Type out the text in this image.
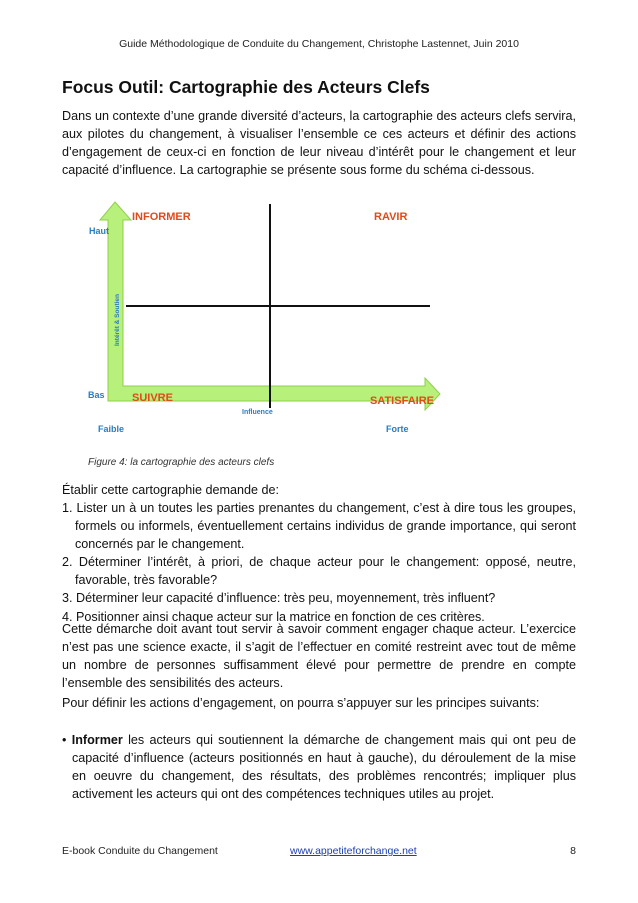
Guide Méthodologique de Conduite du Changement, Christophe Lastennet, Juin 2010
Focus Outil: Cartographie des Acteurs Clefs

Dans un contexte d’une grande diversité d’acteurs, la cartographie des acteurs clefs servira, aux pilotes du changement, à visualiser l’ensemble ce ces acteurs et définir des actions d’engagement de ceux-ci en fonction de leur niveau d’intérêt pour le changement et leur capacité d’influence. La cartographie se présente sous forme du schéma ci-dessous.

INFORMER	RAVIR
SUIVRE	SATISFAIRE
Haut
Bas
Faible	Forte
Influence
Intérêt & Soutien
Figure 4: la cartographie des acteurs clefs

Établir cette cartographie demande de:

1. Lister un à un toutes les parties prenantes du changement, c’est à dire tous les groupes, formels ou informels, éventuellement certains individus de grande importance, qui seront concernés par le changement.
2. Déterminer l’intérêt, à priori, de chaque acteur pour le changement: opposé, neutre, favorable, très favorable?
3. Déterminer leur capacité d’influence: très peu, moyennement, très influent?
4. Positionner ainsi chaque acteur sur la matrice en fonction de ces critères.

Cette démarche doit avant tout servir à savoir comment engager chaque acteur. L’exercice n’est pas une science exacte, il s’agit de l’effectuer en comité restreint avec tout de même un nombre de personnes suffisamment élevé pour permettre de prendre en compte l’ensemble des sensibilités des acteurs.

Pour définir les actions d’engagement, on pourra s’appuyer sur les principes suivants:

• Informer les acteurs qui soutiennent la démarche de changement mais qui ont peu de capacité d’influence (acteurs positionnés en haut à gauche), du déroulement de la mise en oeuvre du changement, des résultats, des problèmes rencontrés; impliquer plus activement les acteurs qui ont des compétences techniques utiles au projet.

E-book Conduite du Changement	www.appetiteforchange.net	8
